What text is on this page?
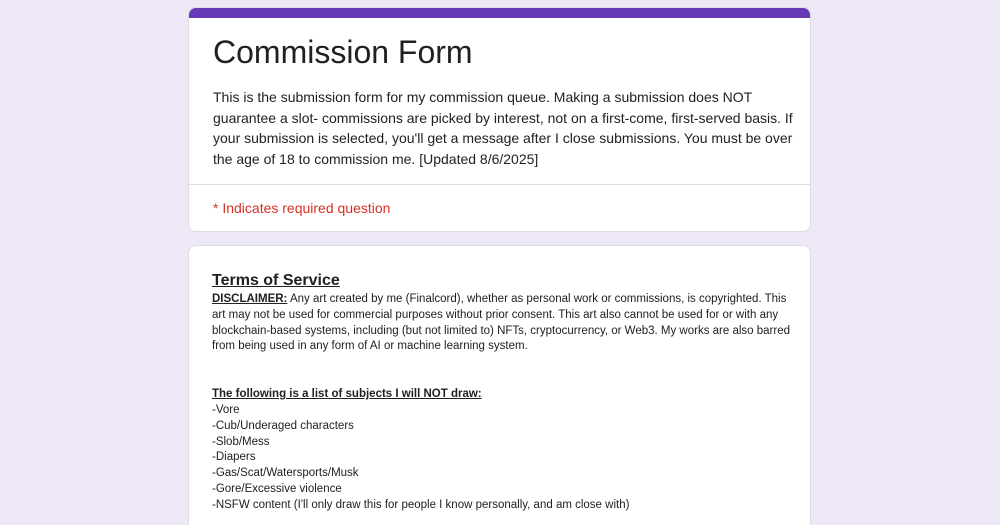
Commission Form

This is the submission form for my commission queue. Making a submission does NOT guarantee a slot- commissions are picked by interest, not on a first-come, first-served basis. If your submission is selected, you'll get a message after I close submissions. You must be over the age of 18 to commission me. [Updated 8/6/2025]

* Indicates required question

Terms of Service

DISCLAIMER: Any art created by me (Finalcord), whether as personal work or commissions, is copyrighted. This art may not be used for commercial purposes without prior consent. This art also cannot be used for or with any blockchain-based systems, including (but not limited to) NFTs, cryptocurrency, or Web3. My works are also barred from being used in any form of AI or machine learning system.

The following is a list of subjects I will NOT draw:

-Vore
-Cub/Underaged characters
-Slob/Mess
-Diapers
-Gas/Scat/Watersports/Musk
-Gore/Excessive violence
-NSFW content (I'll only draw this for people I know personally, and am close with)
